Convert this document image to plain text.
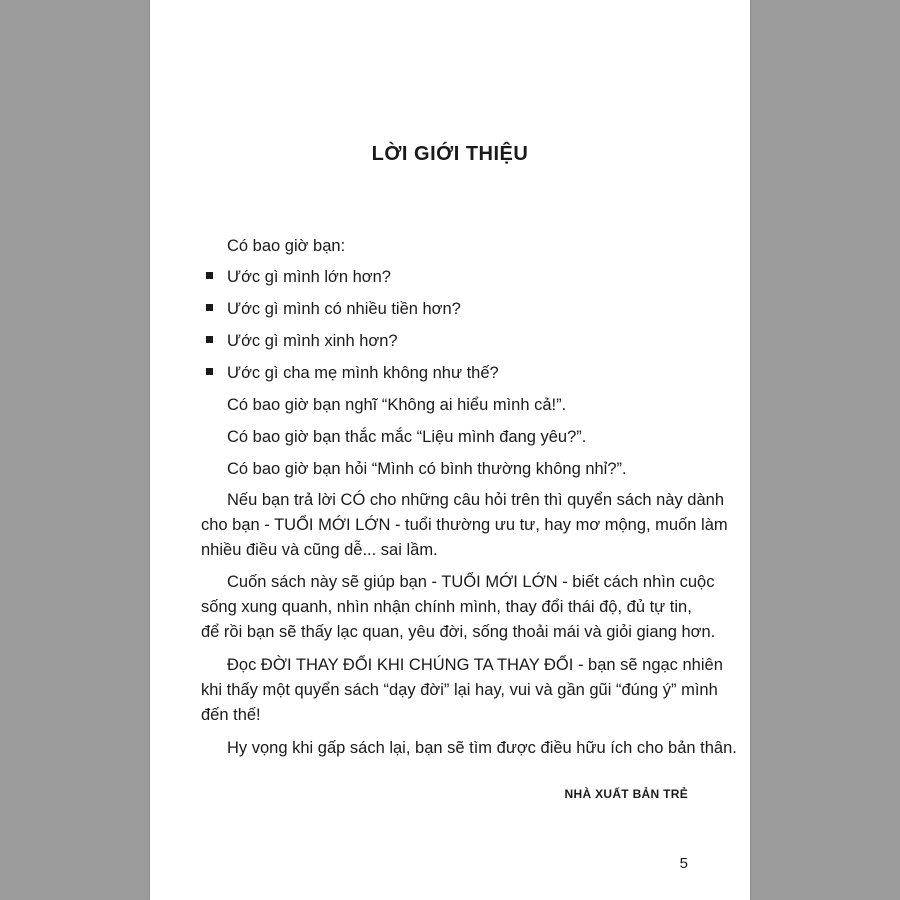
LỜI GIỚI THIỆU
Có bao giờ bạn:
Ước gì mình lớn hơn?
Ước gì mình có nhiều tiền hơn?
Ước gì mình xinh hơn?
Ước gì cha mẹ mình không như thế?
Có bao giờ bạn nghĩ “Không ai hiểu mình cả!”.
Có bao giờ bạn thắc mắc “Liệu mình đang yêu?”.
Có bao giờ bạn hỏi “Mình có bình thường không nhỉ?”.
Nếu bạn trả lời CÓ cho những câu hỏi trên thì quyển sách này dành
cho bạn - TUỔI MỚI LỚN - tuổi thường ưu tư, hay mơ mộng, muốn làm
nhiều điều và cũng dễ... sai lầm.
Cuốn sách này sẽ giúp bạn - TUỔI MỚI LỚN - biết cách nhìn cuộc
sống xung quanh, nhìn nhận chính mình, thay đổi thái độ, đủ tự tin,
để rồi bạn sẽ thấy lạc quan, yêu đời, sống thoải mái và giỏi giang hơn.
Đọc ĐỜI THAY ĐỔI KHI CHÚNG TA THAY ĐỔI - bạn sẽ ngạc nhiên
khi thấy một quyển sách “dạy đời” lại hay, vui và gần gũi “đúng ý” mình
đến thế!
Hy vọng khi gấp sách lại, bạn sẽ tìm được điều hữu ích cho bản thân.
NHÀ XUẤT BẢN TRẺ
5
